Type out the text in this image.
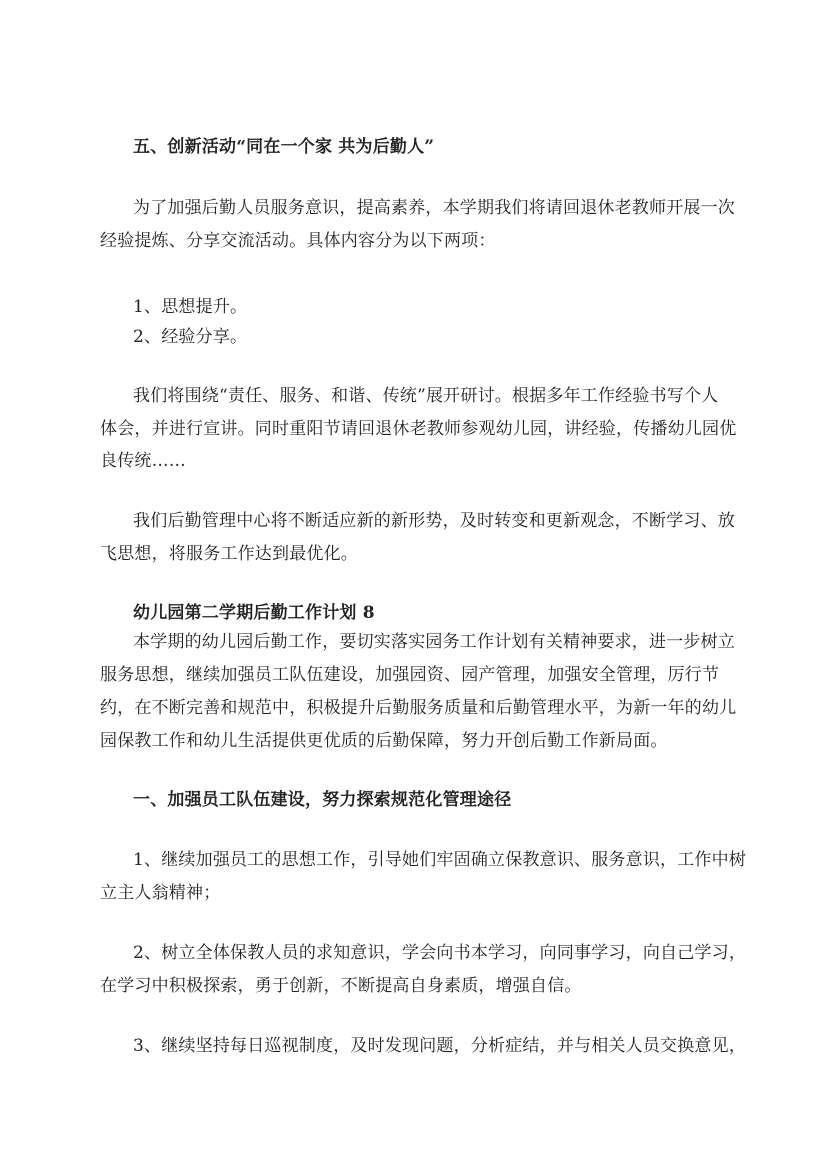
五、创新活动“同在一个家 共为后勤人”
为了加强后勤人员服务意识，提高素养，本学期我们将请回退休老教师开展一次
经验提炼、分享交流活动。具体内容分为以下两项：
1、思想提升。
2、经验分享。
我们将围绕“责任、服务、和谐、传统”展开研讨。根据多年工作经验书写个人
体会，并进行宣讲。同时重阳节请回退休老教师参观幼儿园，讲经验，传播幼儿园优
良传统……
我们后勤管理中心将不断适应新的新形势，及时转变和更新观念，不断学习、放
飞思想，将服务工作达到最优化。
幼儿园第二学期后勤工作计划 8
本学期的幼儿园后勤工作，要切实落实园务工作计划有关精神要求，进一步树立
服务思想，继续加强员工队伍建设，加强园资、园产管理，加强安全管理，厉行节
约，在不断完善和规范中，积极提升后勤服务质量和后勤管理水平，为新一年的幼儿
园保教工作和幼儿生活提供更优质的后勤保障，努力开创后勤工作新局面。
一、加强员工队伍建设，努力探索规范化管理途径
1、继续加强员工的思想工作，引导她们牢固确立保教意识、服务意识，工作中树
立主人翁精神；
2、树立全体保教人员的求知意识，学会向书本学习，向同事学习，向自己学习，
在学习中积极探索，勇于创新，不断提高自身素质，增强自信。
3、继续坚持每日巡视制度，及时发现问题，分析症结，并与相关人员交换意见，
